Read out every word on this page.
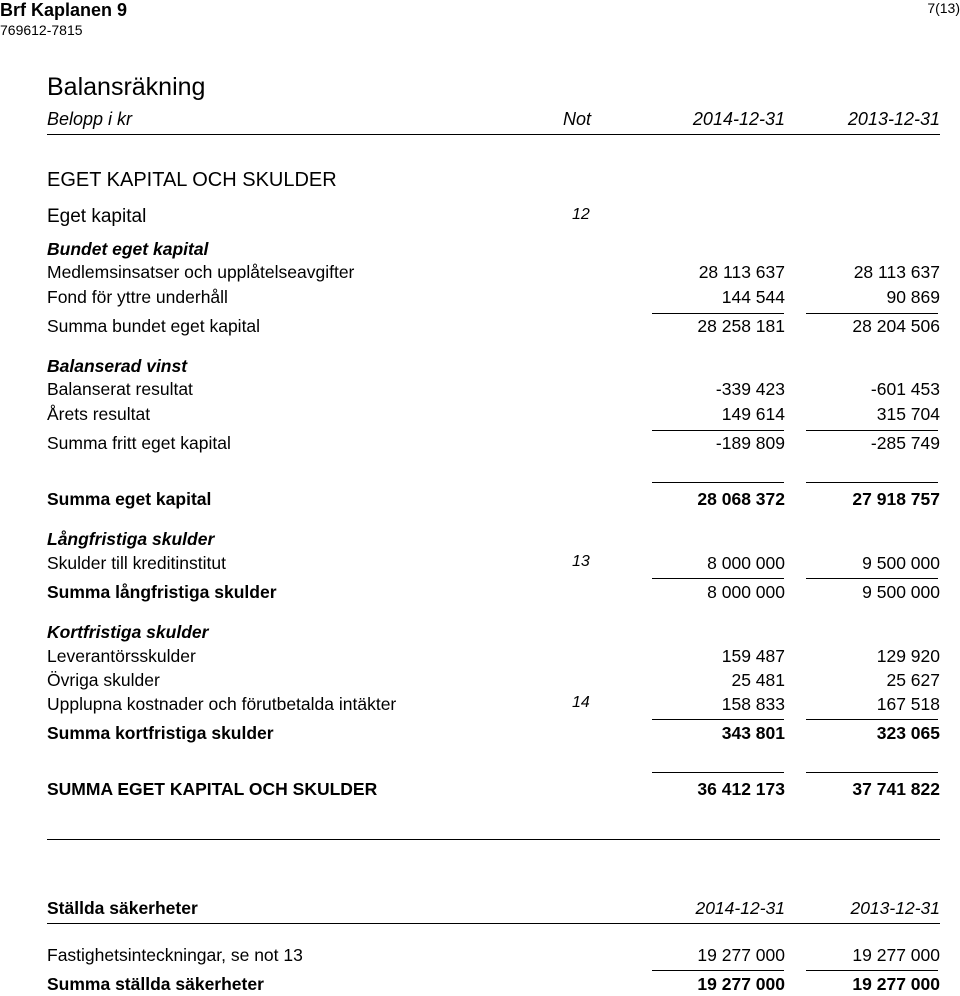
Brf Kaplanen 9
769612-7815
7(13)
Balansräkning
Belopp i kr	Not	2014-12-31	2013-12-31
EGET KAPITAL OCH SKULDER
Eget kapital	12
Bundet eget kapital
Medlemsinsatser och upplåtelseavgifter	28 113 637	28 113 637
Fond för yttre underhåll	144 544	90 869
Summa bundet eget kapital	28 258 181	28 204 506
Balanserad vinst
Balanserat resultat	-339 423	-601 453
Årets resultat	149 614	315 704
Summa fritt eget kapital	-189 809	-285 749
Summa eget kapital	28 068 372	27 918 757
Långfristiga skulder
Skulder till kreditinstitut	13	8 000 000	9 500 000
Summa långfristiga skulder	8 000 000	9 500 000
Kortfristiga skulder
Leverantörsskulder	159 487	129 920
Övriga skulder	25 481	25 627
Upplupna kostnader och förutbetalda intäkter	14	158 833	167 518
Summa kortfristiga skulder	343 801	323 065
SUMMA EGET KAPITAL OCH SKULDER	36 412 173	37 741 822
Ställda säkerheter	2014-12-31	2013-12-31
Fastighetsinteckningar, se not 13	19 277 000	19 277 000
Summa ställda säkerheter	19 277 000	19 277 000
